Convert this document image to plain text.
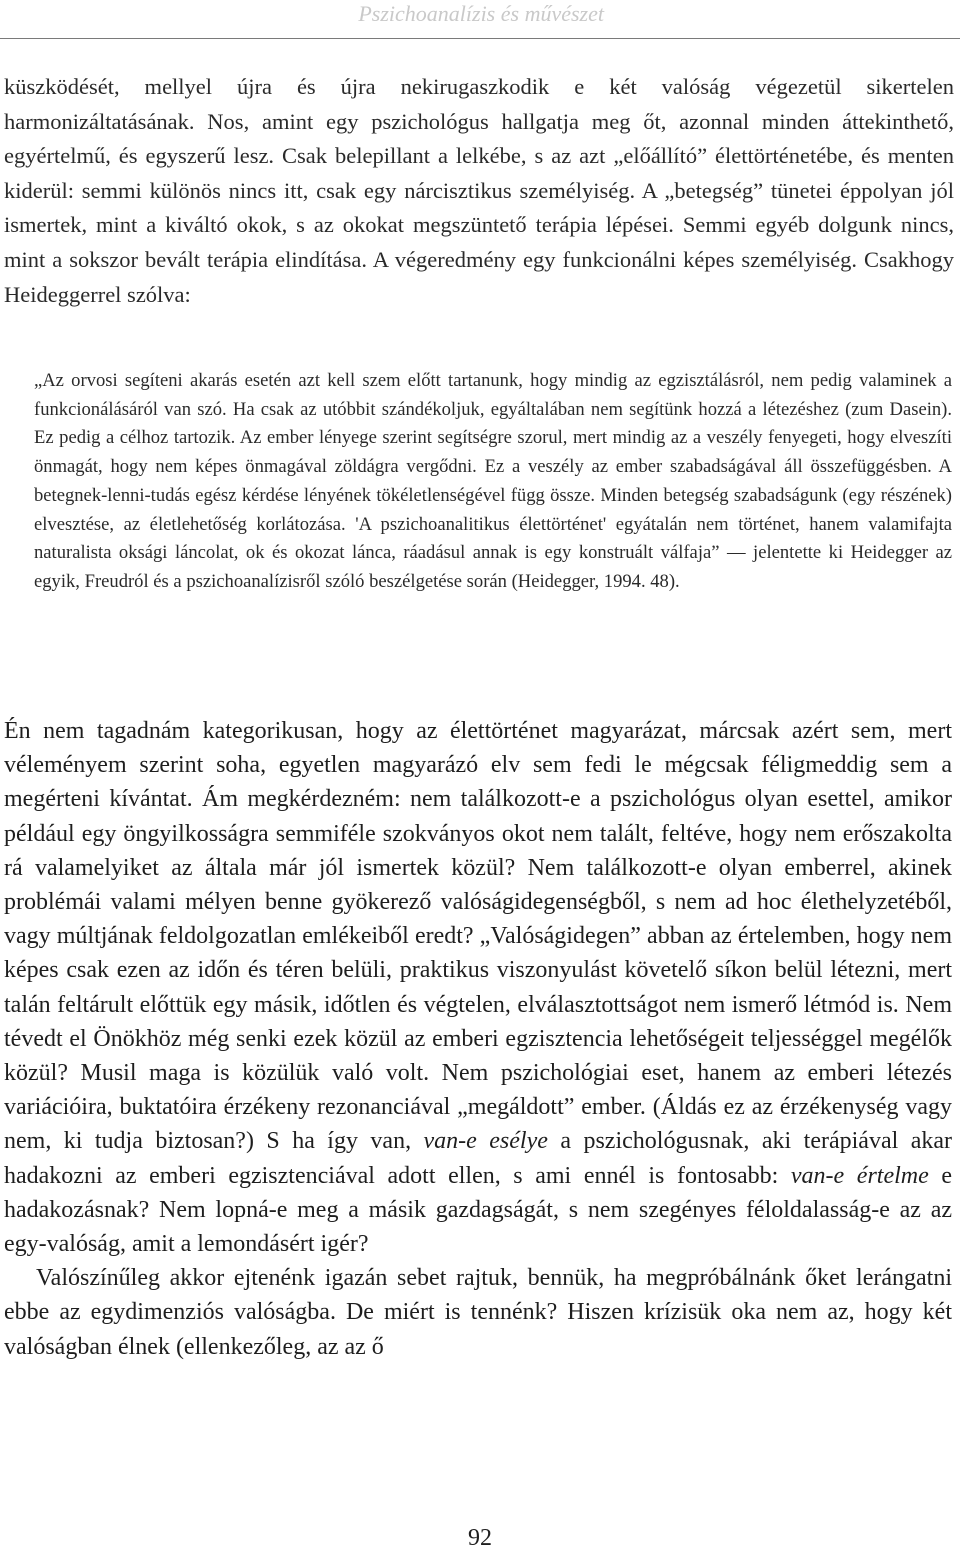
Pszichoanalízis és művészet

küszködését, mellyel újra és újra nekirugaszkodik e két valóság végezetül sikertelen harmonizáltatásának. Nos, amint egy pszichológus hallgatja meg őt, azonnal minden áttekinthető, egyértelmű, és egyszerű lesz. Csak belepillant a lelkébe, s az azt „előállító” élettörténetébe, és menten kiderül: semmi különös nincs itt, csak egy nárcisztikus személyiség. A „betegség” tünetei éppolyan jól ismertek, mint a kiváltó okok, s az okokat megszüntető terápia lépései. Semmi egyéb dolgunk nincs, mint a sokszor bevált terápia elindítása. A végeredmény egy funkcionálni képes személyiség. Csakhogy Heideggerrel szólva:

„Az orvosi segíteni akarás esetén azt kell szem előtt tartanunk, hogy mindig az egzisztálásról, nem pedig valaminek a funkcionálásáról van szó. Ha csak az utóbbit szándékoljuk, egyáltalában nem segítünk hozzá a létezéshez (zum Dasein). Ez pedig a célhoz tartozik. Az ember lényege szerint segítségre szorul, mert mindig az a veszély fenyegeti, hogy elveszíti önmagát, hogy nem képes önmagával zöldágra vergődni. Ez a veszély az ember szabadságával áll összefüggésben. A betegnek-lenni-tudás egész kérdése lényének tökéletlenségével függ össze. Minden betegség szabadságunk (egy részének) elvesztése, az életlehetőség korlátozása. 'A pszichoanalitikus élettörténet' egyátalán nem történet, hanem valamifajta naturalista oksági láncolat, ok és okozat lánca, ráadásul annak is egy konstruált válfaja” — jelentette ki Heidegger az egyik, Freudról és a pszichoanalízisről szóló beszélgetése során (Heidegger, 1994. 48).

Én nem tagadnám kategorikusan, hogy az élettörténet magyarázat, márcsak azért sem, mert véleményem szerint soha, egyetlen magyarázó elv sem fedi le mégcsak féligmeddig sem a megérteni kívántat. Ám megkérdezném: nem találkozott-e a pszichológus olyan esettel, amikor például egy öngyilkosságra semmiféle szokványos okot nem talált, feltéve, hogy nem erőszakolta rá valamelyiket az általa már jól ismertek közül? Nem találkozott-e olyan emberrel, akinek problémái valami mélyen benne gyökerező valóságidegenségből, s nem ad hoc élethelyzetéből, vagy múltjának feldolgozatlan emlékeiből eredt? „Valóságidegen” abban az értelemben, hogy nem képes csak ezen az időn és téren belüli, praktikus viszonyulást követelő síkon belül létezni, mert talán feltárult előttük egy másik, időtlen és végtelen, elválasztottságot nem ismerő létmód is. Nem tévedt el Önökhöz még senki ezek közül az emberi egzisztencia lehetőségeit teljességgel megélők közül? Musil maga is közülük való volt. Nem pszichológiai eset, hanem az emberi létezés variációira, buktatóira érzékeny rezonanciával „megáldott” ember. (Áldás ez az érzékenység vagy nem, ki tudja biztosan?) S ha így van, van-e esélye a pszichológusnak, aki terápiával akar hadakozni az emberi egzisztenciával adott ellen, s ami ennél is fontosabb: van-e értelme e hadakozásnak? Nem lopná-e meg a másik gazdagságát, s nem szegényes féloldalasság-e az az egy-valóság, amit a lemondásért igér?

Valószínűleg akkor ejtenénk igazán sebet rajtuk, bennük, ha megpróbálnánk őket lerángatni ebbe az egydimenziós valóságba. De miért is tennénk? Hiszen krízisük oka nem az, hogy két valóságban élnek (ellenkezőleg, az az ő

92
